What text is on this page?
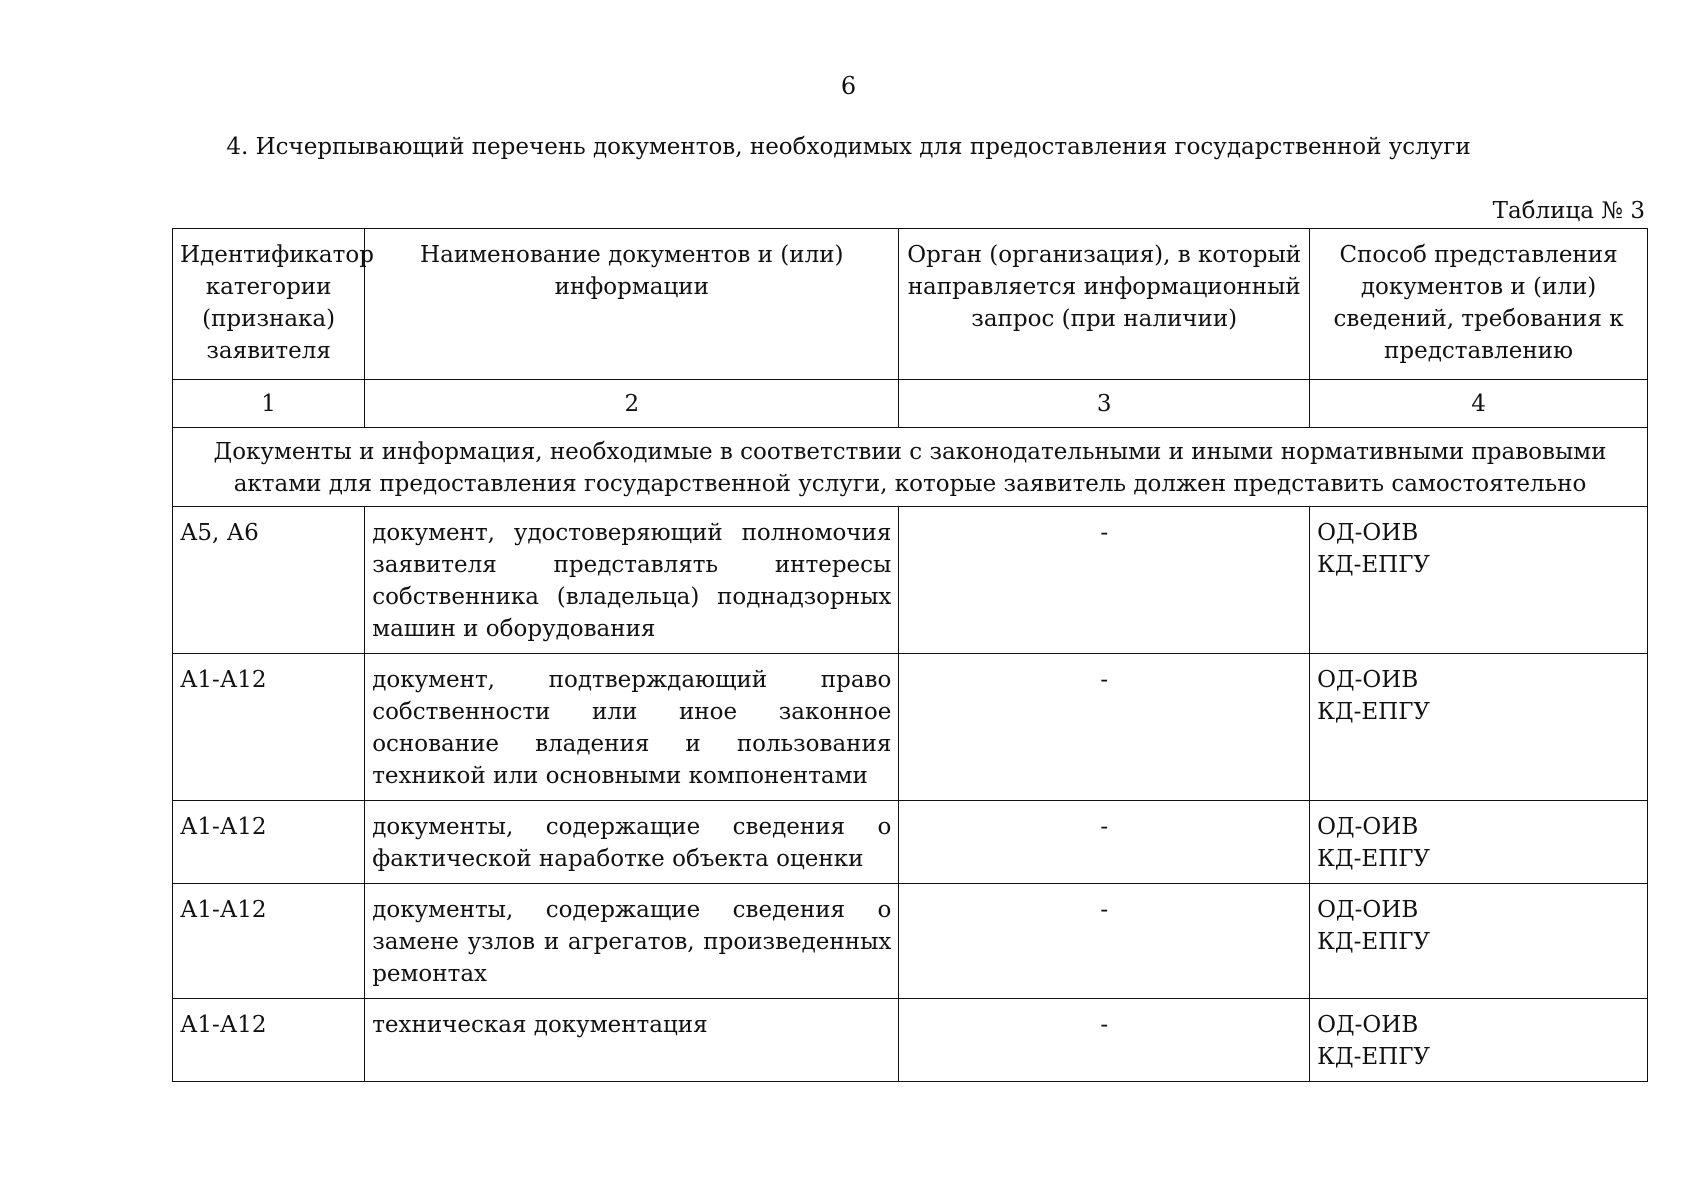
6
4. Исчерпывающий перечень документов, необходимых для предоставления государственной услуги
Таблица № 3
Идентификатор категории (признака) заявителя	Наименование документов и (или) информации	Орган (организация), в который направляется информационный запрос (при наличии)	Способ представления документов и (или) сведений, требования к представлению
1	2	3	4
Документы и информация, необходимые в соответствии с законодательными и иными нормативными правовыми актами для предоставления государственной услуги, которые заявитель должен представить самостоятельно			
А5, А6	документ, удостоверяющий полномочия заявителя представлять интересы собственника (владельца) поднадзорных машин и оборудования	-	ОД-ОИВ
КД-ЕПГУ

А1-А12	документ, подтверждающий право собственности или иное законное основание владения и пользования техникой или основными компонентами	-	ОД-ОИВ
КД-ЕПГУ

А1-А12	документы, содержащие сведения о фактической наработке объекта оценки	-	ОД-ОИВ
КД-ЕПГУ

А1-А12	документы, содержащие сведения о замене узлов и агрегатов, произведенных ремонтах	-	ОД-ОИВ
КД-ЕПГУ

А1-А12	техническая документация	-	ОД-ОИВ
КД-ЕПГУ
